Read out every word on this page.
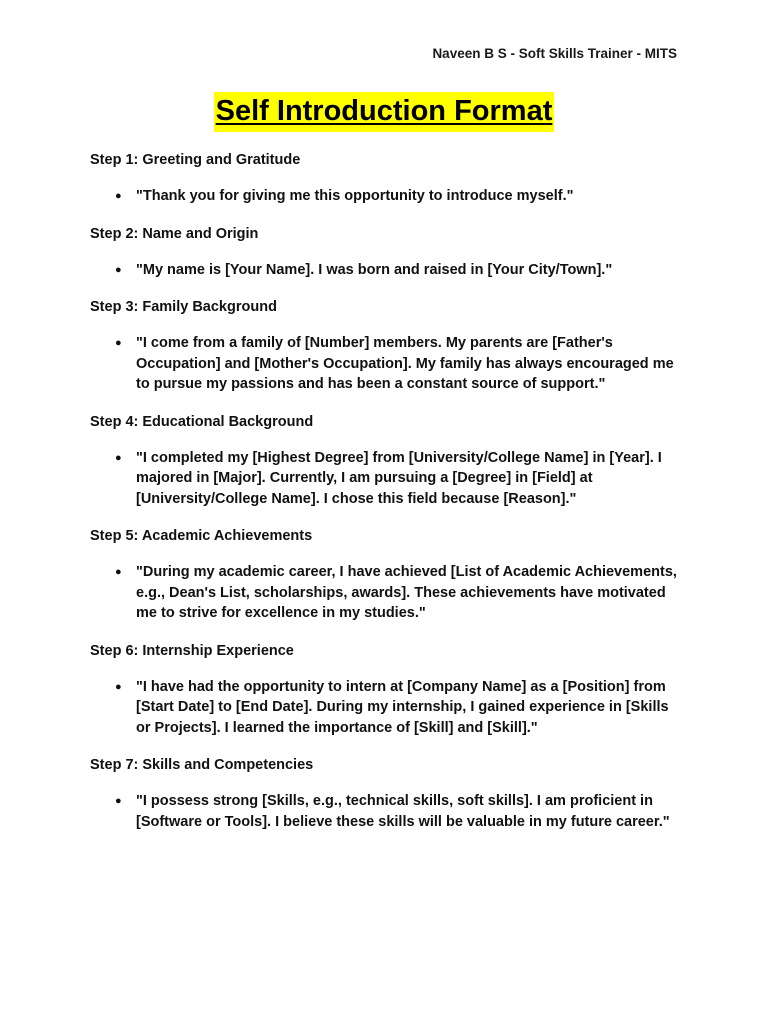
Naveen B S - Soft Skills Trainer - MITS
Self Introduction Format
Step 1: Greeting and Gratitude
● "Thank you for giving me this opportunity to introduce myself."
Step 2: Name and Origin
● "My name is [Your Name]. I was born and raised in [Your City/Town]."
Step 3: Family Background
● "I come from a family of [Number] members. My parents are [Father's Occupation] and [Mother's Occupation]. My family has always encouraged me to pursue my passions and has been a constant source of support."
Step 4: Educational Background
● "I completed my [Highest Degree] from [University/College Name] in [Year]. I majored in [Major]. Currently, I am pursuing a [Degree] in [Field] at [University/College Name]. I chose this field because [Reason]."
Step 5: Academic Achievements
● "During my academic career, I have achieved [List of Academic Achievements, e.g., Dean's List, scholarships, awards]. These achievements have motivated me to strive for excellence in my studies."
Step 6: Internship Experience
● "I have had the opportunity to intern at [Company Name] as a [Position] from [Start Date] to [End Date]. During my internship, I gained experience in [Skills or Projects]. I learned the importance of [Skill] and [Skill]."
Step 7: Skills and Competencies
● "I possess strong [Skills, e.g., technical skills, soft skills]. I am proficient in [Software or Tools]. I believe these skills will be valuable in my future career."
